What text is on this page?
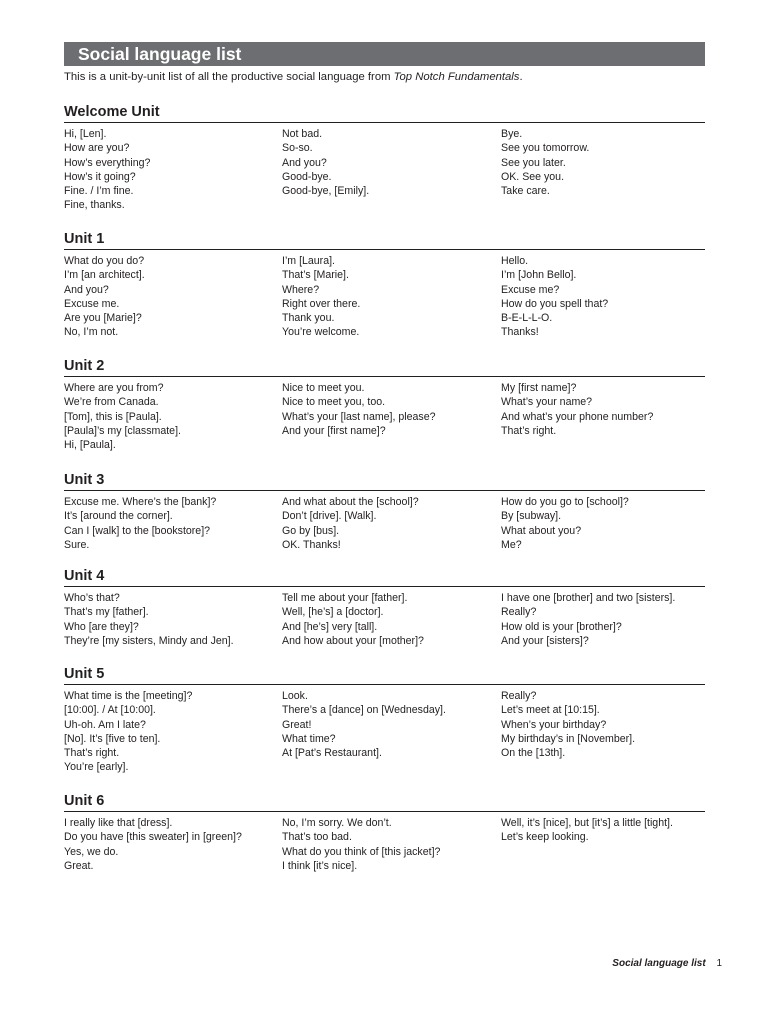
Social language list
This is a unit-by-unit list of all the productive social language from Top Notch Fundamentals.
Welcome Unit
Hi, [Len].
How are you?
How’s everything?
How’s it going?
Fine. / I’m fine.
Fine, thanks.
Not bad.
So-so.
And you?
Good-bye.
Good-bye, [Emily].
Bye.
See you tomorrow.
See you later.
OK. See you.
Take care.
Unit 1
What do you do?
I’m [an architect].
And you?
Excuse me.
Are you [Marie]?
No, I’m not.
I’m [Laura].
That’s [Marie].
Where?
Right over there.
Thank you.
You’re welcome.
Hello.
I’m [John Bello].
Excuse me?
How do you spell that?
B-E-L-L-O.
Thanks!
Unit 2
Where are you from?
We’re from Canada.
[Tom], this is [Paula].
[Paula]’s my [classmate].
Hi, [Paula].
Nice to meet you.
Nice to meet you, too.
What’s your [last name], please?
And your [first name]?
My [first name]?
What’s your name?
And what’s your phone number?
That’s right.
Unit 3
Excuse me. Where’s the [bank]?
It’s [around the corner].
Can I [walk] to the [bookstore]?
Sure.
And what about the [school]?
Don’t [drive]. [Walk].
Go by [bus].
OK. Thanks!
How do you go to [school]?
By [subway].
What about you?
Me?
Unit 4
Who’s that?
That’s my [father].
Who [are they]?
They’re [my sisters, Mindy and Jen].
Tell me about your [father].
Well, [he’s] a [doctor].
And [he’s] very [tall].
And how about your [mother]?
I have one [brother] and two [sisters].
Really?
How old is your [brother]?
And your [sisters]?
Unit 5
What time is the [meeting]?
[10:00]. / At [10:00].
Uh-oh. Am I late?
[No]. It’s [five to ten].
That’s right.
You’re [early].
Look.
There’s a [dance] on [Wednesday].
Great!
What time?
At [Pat’s Restaurant].
Really?
Let’s meet at [10:15].
When’s your birthday?
My birthday’s in [November].
On the [13th].
Unit 6
I really like that [dress].
Do you have [this sweater] in [green]?
Yes, we do.
Great.
No, I’m sorry. We don’t.
That’s too bad.
What do you think of [this jacket]?
I think [it’s nice].
Well, it’s [nice], but [it’s] a little [tight].
Let’s keep looking.
Social language list 1
